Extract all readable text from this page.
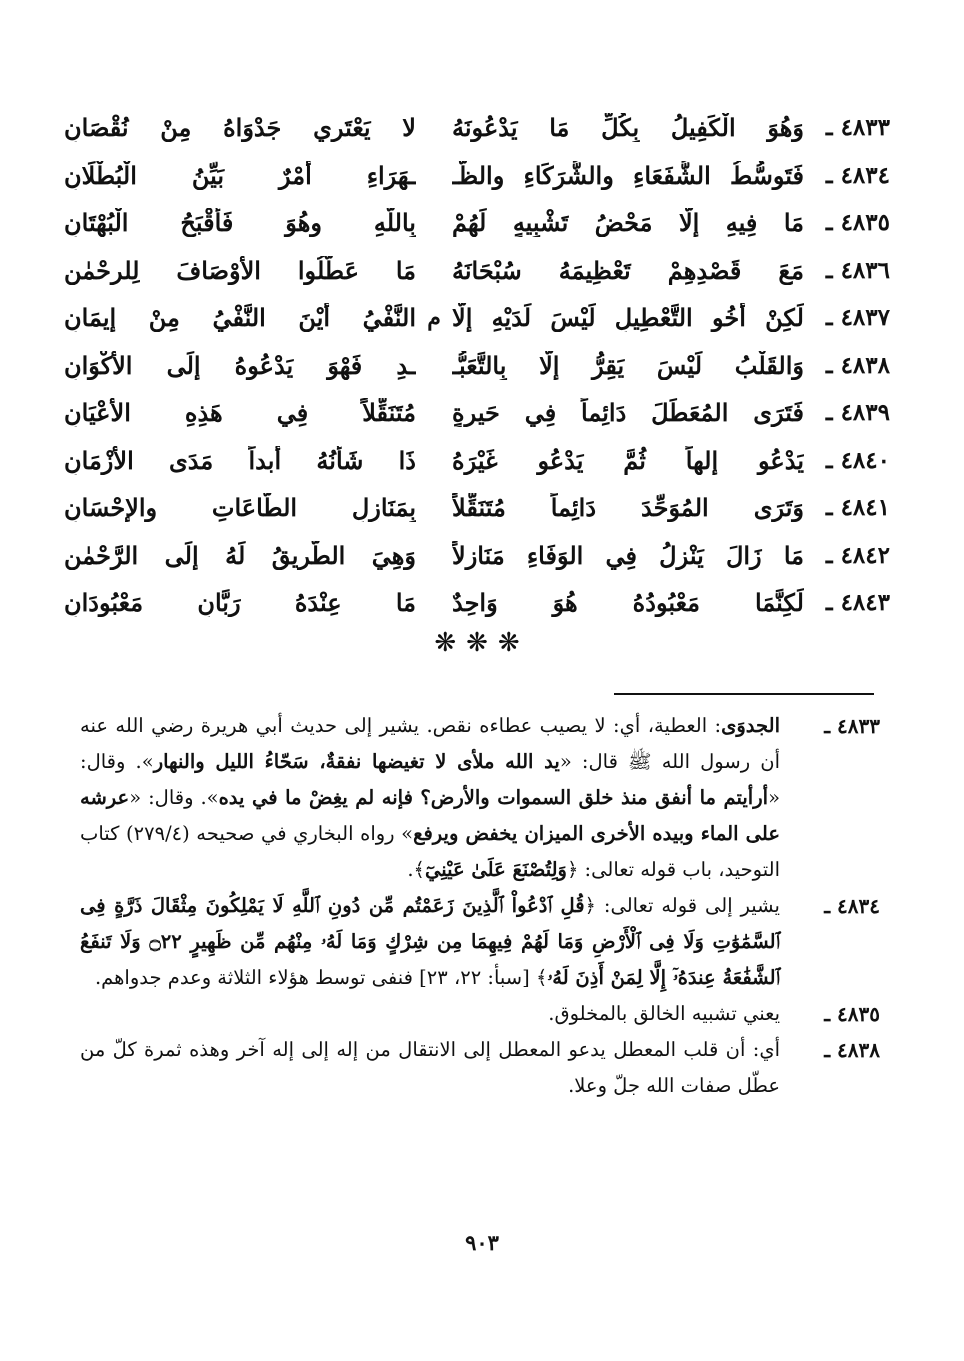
٤٨٣٣ ـ
وَهُوَ الْكَفِيلُ بِكُلِّ مَا يَدْعُونَهُ
لا يَعْتَرِي جَدْوَاهُ مِنْ نُقْصَانِ
٤٨٣٤ ـ
فَتَوسُّطُ الشُّفَعَاءِ والشُّرَكَاءِ والظُّـ
ـهَرَاءِ أَمْرٌ بَيِّنُ الْبُطْلَانِ
٤٨٣٥ ـ
مَا فِيهِ إِلَّا مَحْضُ تَشْبِيهٍ لَهُمْ
بِاللَّهِ وهُوَ فَأَقْبَحُ الْبُهْتَانِ
٤٨٣٦ ـ
مَعَ قَصْدِهِمْ تَعْظِيمَهُ سُبْحَانَهُ
مَا عَطَّلُوا الأَوْصَافَ لِلرحْمٰنِ
٤٨٣٧ ـ
لَكِنْ أَخُو التَّعْطِيلِ لَيْسَ لَدَيْهِ إِلَّا
م
النَّفْيُ أَيْنَ النَّفْيُ مِنْ إِيمَانِ
٤٨٣٨ ـ
وَالقَلْبُ لَيْسَ يَقِرُّ إِلَّا بِالتَّعَبُّـ
ـدِ فَهْوَ يَدْعُوهُ إِلَى الأَكْوَانِ
٤٨٣٩ ـ
فَتَرَى المُعَطِّلَ دَائِماً فِي حَيرةٍ
مُتَنَقِّلاً فِي هَذِهِ الأَعْيَانِ
٤٨٤٠ ـ
يَدْعُو إِلهاً ثُمَّ يَدْعُو غَيْرَهُ
ذَا شَأْنُهُ أَبداً مَدَى الأَزْمَانِ
٤٨٤١ ـ
وَتَرَى المُوَحِّدَ دَائِماً مُتَنَقِّلاً
بِمَنَازِلِ الطَّاعَاتِ والإِحْسَانِ
٤٨٤٢ ـ
مَا زَالَ يَنْزِلُ فِي الوَفَاءِ مَنَازِلاً
وَهِيَ الطَّرِيقُ لَهُ إِلَى الرَّحْمٰنِ
٤٨٤٣ ـ
لَكِنَّمَا مَعْبُودُهُ هُوَ وَاحِدٌ
مَا عِنْدَهُ رَبَّانِ مَعْبُودَانِ
❋❋❋
٤٨٣٣ ـ
الجدوَى: العطية، أي: لا يصيب عطاءه نقص. يشير إلى حديث أبي هريرة رضي الله عنه أن رسول الله ﷺ قال: «يد الله ملأى لا تغيضها نفقةٌ، سَحّاءُ الليل والنهار». وقال: «أرأيتم ما أنفق منذ خلق السموات والأرض؟ فإنه لم يغِضْ ما في يده». وقال: «عرشه على الماء وبيده الأخرى الميزان يخفض ويرفع» رواه البخاري في صحيحه (٢٧٩/٤) كتاب التوحيد، باب قوله تعالى: ﴿وَلِتُصْنَعَ عَلَىٰ عَيْنِيٓ﴾.
٤٨٣٤ ـ
يشير إلى قوله تعالى: ﴿قُلِ ٱدْعُواْ ٱلَّذِينَ زَعَمْتُم مِّن دُونِ ٱللَّهِ لَا يَمْلِكُونَ مِثْقَالَ ذَرَّةٍ فِى ٱلسَّمَٰوَٰتِ وَلَا فِى ٱلْأَرْضِ وَمَا لَهُمْ فِيهِمَا مِن شِرْكٍ وَمَا لَهُۥ مِنْهُم مِّن ظَهِيرٍ ۝٢٢ وَلَا تَنفَعُ ٱلشَّفَٰعَةُ عِندَهُۥٓ إِلَّا لِمَنْ أَذِنَ لَهُۥ﴾ [سبأ: ٢٢، ٢٣] فنفى توسط هؤلاء الثلاثة وعدم جدواهم.
٤٨٣٥ ـ
يعني تشبيه الخالق بالمخلوق.
٤٨٣٨ ـ
أي: أن قلب المعطل يدعو المعطل إلى الانتقال من إله إلى إله آخر وهذه ثمرة كلّ من عطّل صفات الله جلّ وعلا.
٩٠٣
